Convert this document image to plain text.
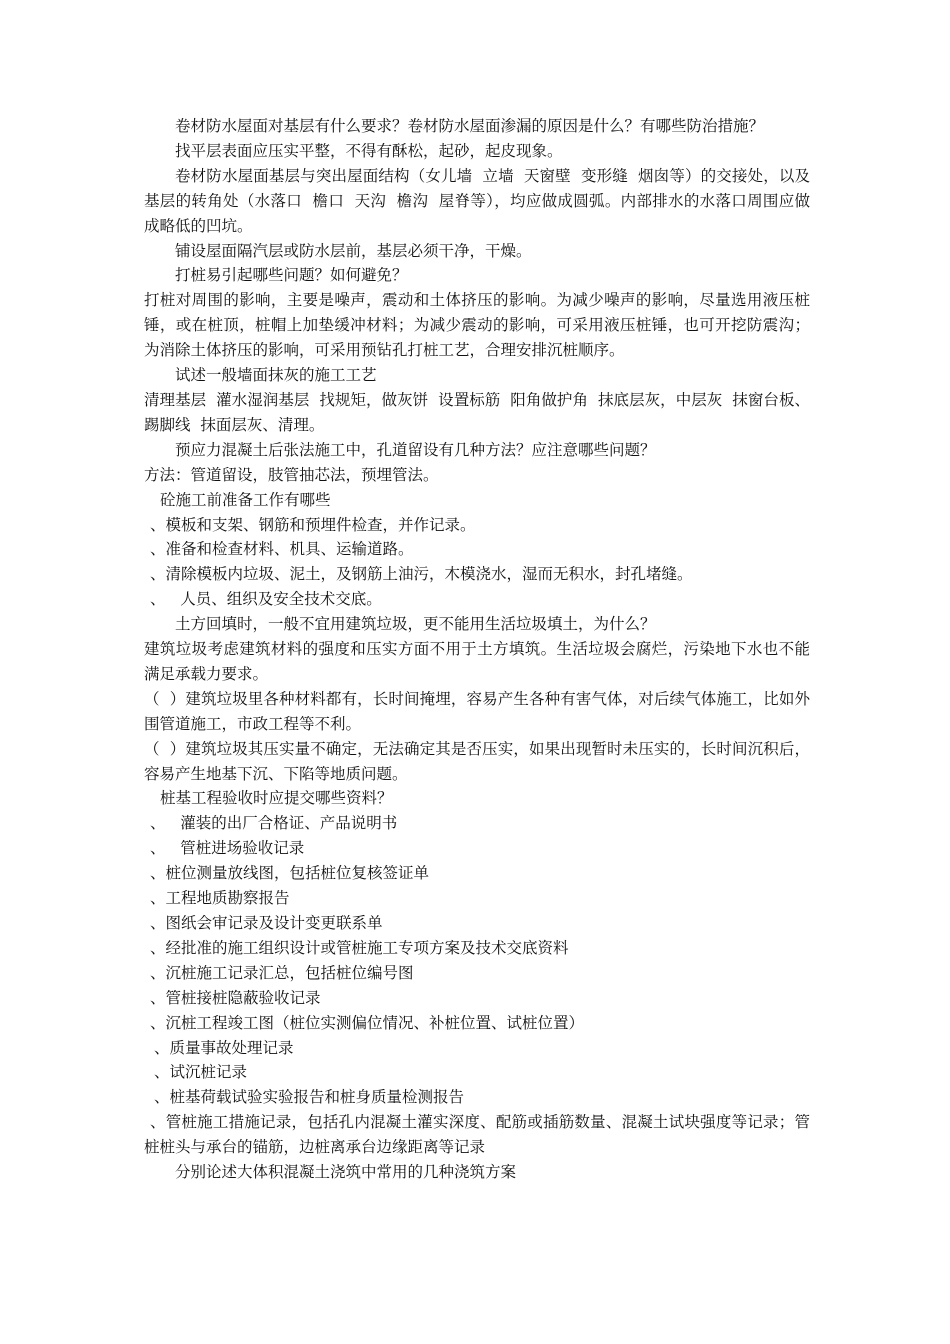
卷材防水屋面对基层有什么要求？卷材防水屋面渗漏的原因是什么？有哪些防治措施？

找平层表面应压实平整，不得有酥松，起砂，起皮现象。

卷材防水屋面基层与突出屋面结构（女儿墙  立墙  天窗壁  变形缝  烟囱等）的交接处，以及基层的转角处（水落口  檐口  天沟  檐沟  屋脊等），均应做成圆弧。内部排水的水落口周围应做成略低的凹坑。

铺设屋面隔汽层或防水层前，基层必须干净，干燥。

打桩易引起哪些问题？如何避免？

打桩对周围的影响，主要是噪声，震动和土体挤压的影响。为减少噪声的影响，尽量选用液压桩锤，或在桩顶，桩帽上加垫缓冲材料；为减少震动的影响，可采用液压桩锤，也可开挖防震沟；为消除土体挤压的影响，可采用预钻孔打桩工艺，合理安排沉桩顺序。

试述一般墙面抹灰的施工工艺

清理基层  灌水湿润基层  找规矩，做灰饼  设置标筋  阳角做护角  抹底层灰，中层灰  抹窗台板、踢脚线  抹面层灰、清理。

预应力混凝土后张法施工中，孔道留设有几种方法？应注意哪些问题？

方法：管道留设，肢管抽芯法，预埋管法。

砼施工前准备工作有哪些

、模板和支架、钢筋和预埋件检查，并作记录。

、准备和检查材料、机具、运输道路。

、清除模板内垃圾、泥土，及钢筋上油污，木模浇水，湿而无积水，封孔堵缝。

、   人员、组织及安全技术交底。

土方回填时，一般不宜用建筑垃圾，更不能用生活垃圾填土，为什么？

建筑垃圾考虑建筑材料的强度和压实方面不用于土方填筑。生活垃圾会腐烂，污染地下水也不能满足承载力要求。

（  ）建筑垃圾里各种材料都有，长时间掩埋，容易产生各种有害气体，对后续气体施工，比如外围管道施工，市政工程等不利。

（  ）建筑垃圾其压实量不确定，无法确定其是否压实，如果出现暂时未压实的，长时间沉积后，容易产生地基下沉、下陷等地质问题。

桩基工程验收时应提交哪些资料？

、   灌装的出厂合格证、产品说明书

、   管桩进场验收记录

、桩位测量放线图，包括桩位复核签证单

、工程地质勘察报告

、图纸会审记录及设计变更联系单

、经批准的施工组织设计或管桩施工专项方案及技术交底资料

、沉桩施工记录汇总，包括桩位编号图

、管桩接桩隐蔽验收记录

、沉桩工程竣工图（桩位实测偏位情况、补桩位置、试桩位置）

、质量事故处理记录

、试沉桩记录

、桩基荷载试验实验报告和桩身质量检测报告

、管桩施工措施记录，包括孔内混凝土灌实深度、配筋或插筋数量、混凝土试块强度等记录；管桩桩头与承台的锚筋，边桩离承台边缘距离等记录

分别论述大体积混凝土浇筑中常用的几种浇筑方案
